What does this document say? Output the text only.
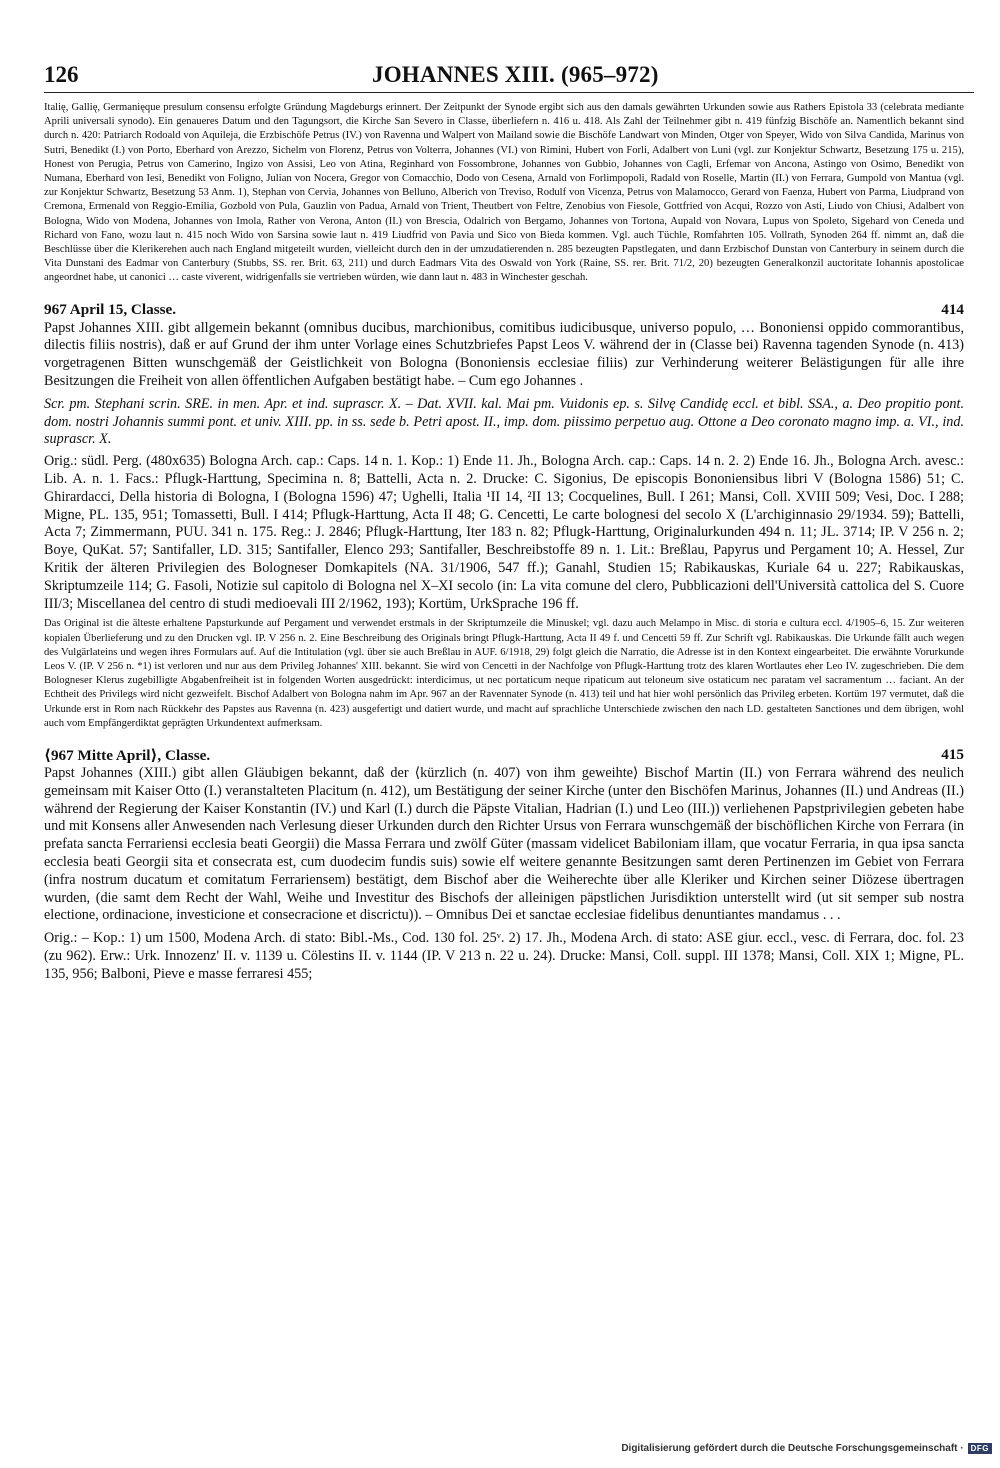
126	JOHANNES XIII. (965–972)

Italię, Gallię, Germanięque presulum consensu erfolgte Gründung Magdeburgs erinnert. Der Zeitpunkt der Synode ergibt sich aus den damals gewährten Urkunden sowie aus Rathers Epistola 33 (celebrata mediante Aprili universali synodo). Ein genaueres Datum und den Tagungsort, die Kirche San Severo in Classe, überliefern n. 416 u. 418. Als Zahl der Teilnehmer gibt n. 419 fünfzig Bischöfe an. Namentlich bekannt sind durch n. 420: Patriarch Rodoald von Aquileja, die Erzbischöfe Petrus (IV.) von Ravenna und Walpert von Mailand sowie die Bischöfe Landwart von Minden, Otger von Speyer, Wido von Silva Candida, Marinus von Sutri, Benedikt (I.) von Porto, Eberhard von Arezzo, Sichelm von Florenz, Petrus von Volterra, Johannes (VI.) von Rimini, Hubert von Forli, Adalbert von Luni (vgl. zur Konjektur Schwartz, Besetzung 175 u. 215), Honest von Perugia, Petrus von Camerino, Ingizo von Assisi, Leo von Atina, Reginhard von Fossombrone, Johannes von Gubbio, Johannes von Cagli, Erfemar von Ancona, Astingo von Osimo, Benedikt von Numana, Eberhard von Iesi, Benedikt von Foligno, Julian von Nocera, Gregor von Comacchio, Dodo von Cesena, Arnald von Forlimpopoli, Radald von Roselle, Martin (II.) von Ferrara, Gumpold von Mantua (vgl. zur Konjektur Schwartz, Besetzung 53 Anm. 1), Stephan von Cervia, Johannes von Belluno, Alberich von Treviso, Rodulf von Vicenza, Petrus von Malamocco, Gerard von Faenza, Hubert von Parma, Liudprand von Cremona, Ermenald von Reggio-Emilia, Gozbold von Pula, Gauzlin von Padua, Arnald von Trient, Theutbert von Feltre, Zenobius von Fiesole, Gottfried von Acqui, Rozzo von Asti, Liudo von Chiusi, Adalbert von Bologna, Wido von Modena, Johannes von Imola, Rather von Verona, Anton (II.) von Brescia, Odalrich von Bergamo, Johannes von Tortona, Aupald von Novara, Lupus von Spoleto, Sigehard von Ceneda und Richard von Fano, wozu laut n. 415 noch Wido von Sarsina sowie laut n. 419 Liudfrid von Pavia und Sico von Bieda kommen. Vgl. auch Tüchle, Romfahrten 105. Vollrath, Synoden 264 ff. nimmt an, daß die Beschlüsse über die Klerikerehen auch nach England mitgeteilt wurden, vielleicht durch den in der umzudatierenden n. 285 bezeugten Papstlegaten, und dann Erzbischof Dunstan von Canterbury in seinem durch die Vita Dunstani des Eadmar von Canterbury (Stubbs, SS. rer. Brit. 63, 211) und durch Eadmars Vita des Oswald von York (Raine, SS. rer. Brit. 71/2, 20) bezeugten Generalkonzil auctoritate Iohannis apostolicae angeordnet habe, ut canonici … caste viverent, widrigenfalls sie vertrieben würden, wie dann laut n. 483 in Winchester geschah.

967 April 15, Classe.	414

Papst Johannes XIII. gibt allgemein bekannt (omnibus ducibus, marchionibus, comitibus iudicibusque, universo populo, … Bononiensi oppido commorantibus, dilectis filiis nostris), daß er auf Grund der ihm unter Vorlage eines Schutzbriefes Papst Leos V. während der in (Classe bei) Ravenna tagenden Synode (n. 413) vorgetragenen Bitten wunschgemäß der Geistlichkeit von Bologna (Bononiensis ecclesiae filiis) zur Verhinderung weiterer Belästigungen für alle ihre Besitzungen die Freiheit von allen öffentlichen Aufgaben bestätigt habe. – Cum ego Johannes .

Scr. pm. Stephani scrin. SRE. in men. Apr. et ind. suprascr. X. – Dat. XVII. kal. Mai pm. Vuidonis ep. s. Silvę Candidę eccl. et bibl. SSA., a. Deo propitio pont. dom. nostri Johannis summi pont. et univ. XIII. pp. in ss. sede b. Petri apost. II., imp. dom. piissimo perpetuo aug. Ottone a Deo coronato magno imp. a. VI., ind. suprascr. X.

Orig.: südl. Perg. (480x635) Bologna Arch. cap.: Caps. 14 n. 1. Kop.: 1) Ende 11. Jh., Bologna Arch. cap.: Caps. 14 n. 2. 2) Ende 16. Jh., Bologna Arch. avesc.: Lib. A. n. 1. Facs.: Pflugk-Harttung, Specimina n. 8; Battelli, Acta n. 2. Drucke: C. Sigonius, De episcopis Bononiensibus libri V (Bologna 1586) 51; C. Ghirardacci, Della historia di Bologna, I (Bologna 1596) 47; Ughelli, Italia ¹II 14, ²II 13; Cocquelines, Bull. I 261; Mansi, Coll. XVIII 509; Vesi, Doc. I 288; Migne, PL. 135, 951; Tomassetti, Bull. I 414; Pflugk-Harttung, Acta II 48; G. Cencetti, Le carte bolognesi del secolo X (L'archiginnasio 29/1934. 59); Battelli, Acta 7; Zimmermann, PUU. 341 n. 175. Reg.: J. 2846; Pflugk-Harttung, Iter 183 n. 82; Pflugk-Harttung, Originalurkunden 494 n. 11; JL. 3714; IP. V 256 n. 2; Boye, QuKat. 57; Santifaller, LD. 315; Santifaller, Elenco 293; Santifaller, Beschreibstoffe 89 n. 1. Lit.: Breßlau, Papyrus und Pergament 10; A. Hessel, Zur Kritik der älteren Privilegien des Bologneser Domkapitels (NA. 31/1906, 547 ff.); Ganahl, Studien 15; Rabikauskas, Kuriale 64 u. 227; Rabikauskas, Skriptumzeile 114; G. Fasoli, Notizie sul capitolo di Bologna nel X–XI secolo (in: La vita comune del clero, Pubblicazioni dell'Università cattolica del S. Cuore III/3; Miscellanea del centro di studi medioevali III 2/1962, 193); Kortüm, UrkSprache 196 ff.

Das Original ist die älteste erhaltene Papsturkunde auf Pergament und verwendet erstmals in der Skriptumzeile die Minuskel; vgl. dazu auch Melampo in Misc. di storia e cultura eccl. 4/1905–6, 15. Zur weiteren kopialen Überlieferung und zu den Drucken vgl. IP. V 256 n. 2. Eine Beschreibung des Originals bringt Pflugk-Harttung, Acta II 49 f. und Cencetti 59 ff. Zur Schrift vgl. Rabikauskas. Die Urkunde fällt auch wegen des Vulgärlateins und wegen ihres Formulars auf. Auf die Intitulation (vgl. über sie auch Breßlau in AUF. 6/1918, 29) folgt gleich die Narratio, die Adresse ist in den Kontext eingearbeitet. Die erwähnte Vorurkunde Leos V. (IP. V 256 n. *1) ist verloren und nur aus dem Privileg Johannes' XIII. bekannt. Sie wird von Cencetti in der Nachfolge von Pflugk-Harttung trotz des klaren Wortlautes eher Leo IV. zugeschrieben. Die dem Bologneser Klerus zugebilligte Abgabenfreiheit ist in folgenden Worten ausgedrückt: interdicimus, ut nec portaticum neque ripaticum aut teloneum sive ostaticum nec paratam vel sacramentum … faciant. An der Echtheit des Privilegs wird nicht gezweifelt. Bischof Adalbert von Bologna nahm im Apr. 967 an der Ravennater Synode (n. 413) teil und hat hier wohl persönlich das Privileg erbeten. Kortüm 197 vermutet, daß die Urkunde erst in Rom nach Rückkehr des Papstes aus Ravenna (n. 423) ausgefertigt und datiert wurde, und macht auf sprachliche Unterschiede zwischen den nach LD. gestalteten Sanctiones und dem übrigen, wohl auch vom Empfängerdiktat geprägten Urkundentext aufmerksam.

⟨967 Mitte April⟩, Classe.	415

Papst Johannes (XIII.) gibt allen Gläubigen bekannt, daß der ⟨kürzlich (n. 407) von ihm geweihte⟩ Bischof Martin (II.) von Ferrara während des neulich gemeinsam mit Kaiser Otto (I.) veranstalteten Placitum (n. 412), um Bestätigung der seiner Kirche (unter den Bischöfen Marinus, Johannes (II.) und Andreas (II.) während der Regierung der Kaiser Konstantin (IV.) und Karl (I.) durch die Päpste Vitalian, Hadrian (I.) und Leo (III.)) verliehenen Papstprivilegien gebeten habe und mit Konsens aller Anwesenden nach Verlesung dieser Urkunden durch den Richter Ursus von Ferrara wunschgemäß der bischöflichen Kirche von Ferrara (in prefata sancta Ferrariensi ecclesia beati Georgii) die Massa Ferrara und zwölf Güter (massam videlicet Babiloniam illam, que vocatur Ferraria, in qua ipsa sancta ecclesia beati Georgii sita et consecrata est, cum duodecim fundis suis) sowie elf weitere genannte Besitzungen samt deren Pertinenzen im Gebiet von Ferrara (infra nostrum ducatum et comitatum Ferrariensem) bestätigt, dem Bischof aber die Weiherechte über alle Kleriker und Kirchen seiner Diözese übertragen wurden, (die samt dem Recht der Wahl, Weihe und Investitur des Bischofs der alleinigen päpstlichen Jurisdiktion unterstellt wird (ut sit semper sub nostra electione, ordinacione, investicione et consecracione et discrictu)). – Omnibus Dei et sanctae ecclesiae fidelibus denuntiantes mandamus . . .

Orig.: – Kop.: 1) um 1500, Modena Arch. di stato: Bibl.-Ms., Cod. 130 fol. 25ᵛ. 2) 17. Jh., Modena Arch. di stato: ASE giur. eccl., vesc. di Ferrara, doc. fol. 23 (zu 962). Erw.: Urk. Innozenz' II. v. 1139 u. Cölestins II. v. 1144 (IP. V 213 n. 22 u. 24). Drucke: Mansi, Coll. suppl. III 1378; Mansi, Coll. XIX 1; Migne, PL. 135, 956; Balboni, Pieve e masse ferraresi 455;

Digitalisierung gefördert durch die Deutsche Forschungsgemeinschaft · DFG
